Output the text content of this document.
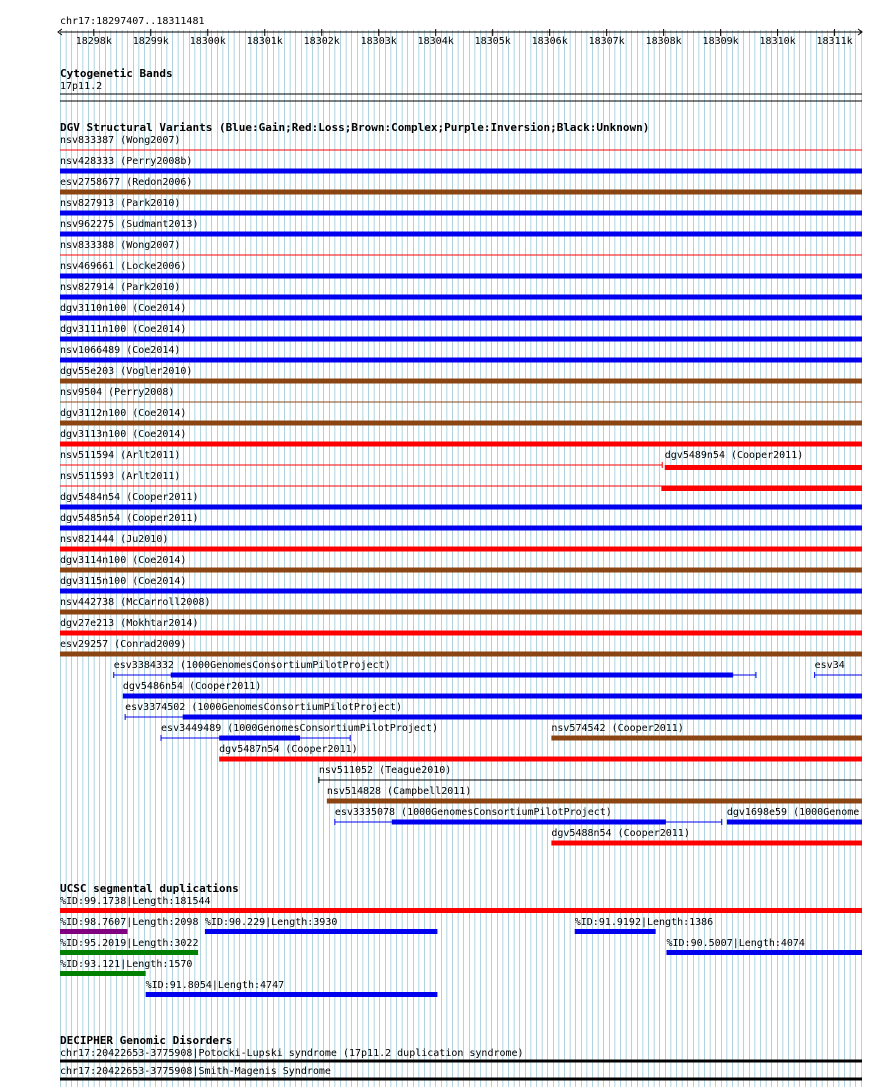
chr17:18297407..18311481
18298k 18299k 18300k 18301k 18302k 18303k 18304k 18305k 18306k 18307k 18308k 18309k 18310k 18311k
Cytogenetic Bands
17p11.2
DGV Structural Variants (Blue:Gain;Red:Loss;Brown:Complex;Purple:Inversion;Black:Unknown)
nsv833387 (Wong2007)
nsv428333 (Perry2008b)
esv2758677 (Redon2006)
nsv827913 (Park2010)
nsv962275 (Sudmant2013)
nsv833388 (Wong2007)
nsv469661 (Locke2006)
nsv827914 (Park2010)
dgv3110n100 (Coe2014)
dgv3111n100 (Coe2014)
nsv1066489 (Coe2014)
dgv55e203 (Vogler2010)
nsv9504 (Perry2008)
dgv3112n100 (Coe2014)
dgv3113n100 (Coe2014)
nsv511594 (Arlt2011)
nsv511593 (Arlt2011)
dgv5484n54 (Cooper2011)
dgv5485n54 (Cooper2011)
nsv821444 (Ju2010)
dgv3114n100 (Coe2014)
dgv3115n100 (Coe2014)
nsv442738 (McCarroll2008)
dgv27e213 (Mokhtar2014)
esv29257 (Conrad2009)
dgv5489n54 (Cooper2011)
esv3384332 (1000GenomesConsortiumPilotProject)	esv34
dgv5486n54 (Cooper2011)
esv3374502 (1000GenomesConsortiumPilotProject)
esv3449489 (1000GenomesConsortiumPilotProject)	nsv574542 (Cooper2011)
dgv5487n54 (Cooper2011)
nsv511052 (Teague2010)
nsv514828 (Campbell2011)
esv3335078 (1000GenomesConsortiumPilotProject)	dgv1698e59 (1000Genome
dgv5488n54 (Cooper2011)
UCSC segmental duplications
%ID:99.1738|Length:181544
%ID:98.7607|Length:2098 %ID:90.229|Length:3930	%ID:91.9192|Length:1386
%ID:95.2019|Length:3022	%ID:90.5007|Length:4074
%ID:93.121|Length:1570
%ID:91.8054|Length:4747
DECIPHER Genomic Disorders
chr17:20422653-3775908|Potocki-Lupski syndrome (17p11.2 duplication syndrome)
chr17:20422653-3775908|Smith-Magenis Syndrome
